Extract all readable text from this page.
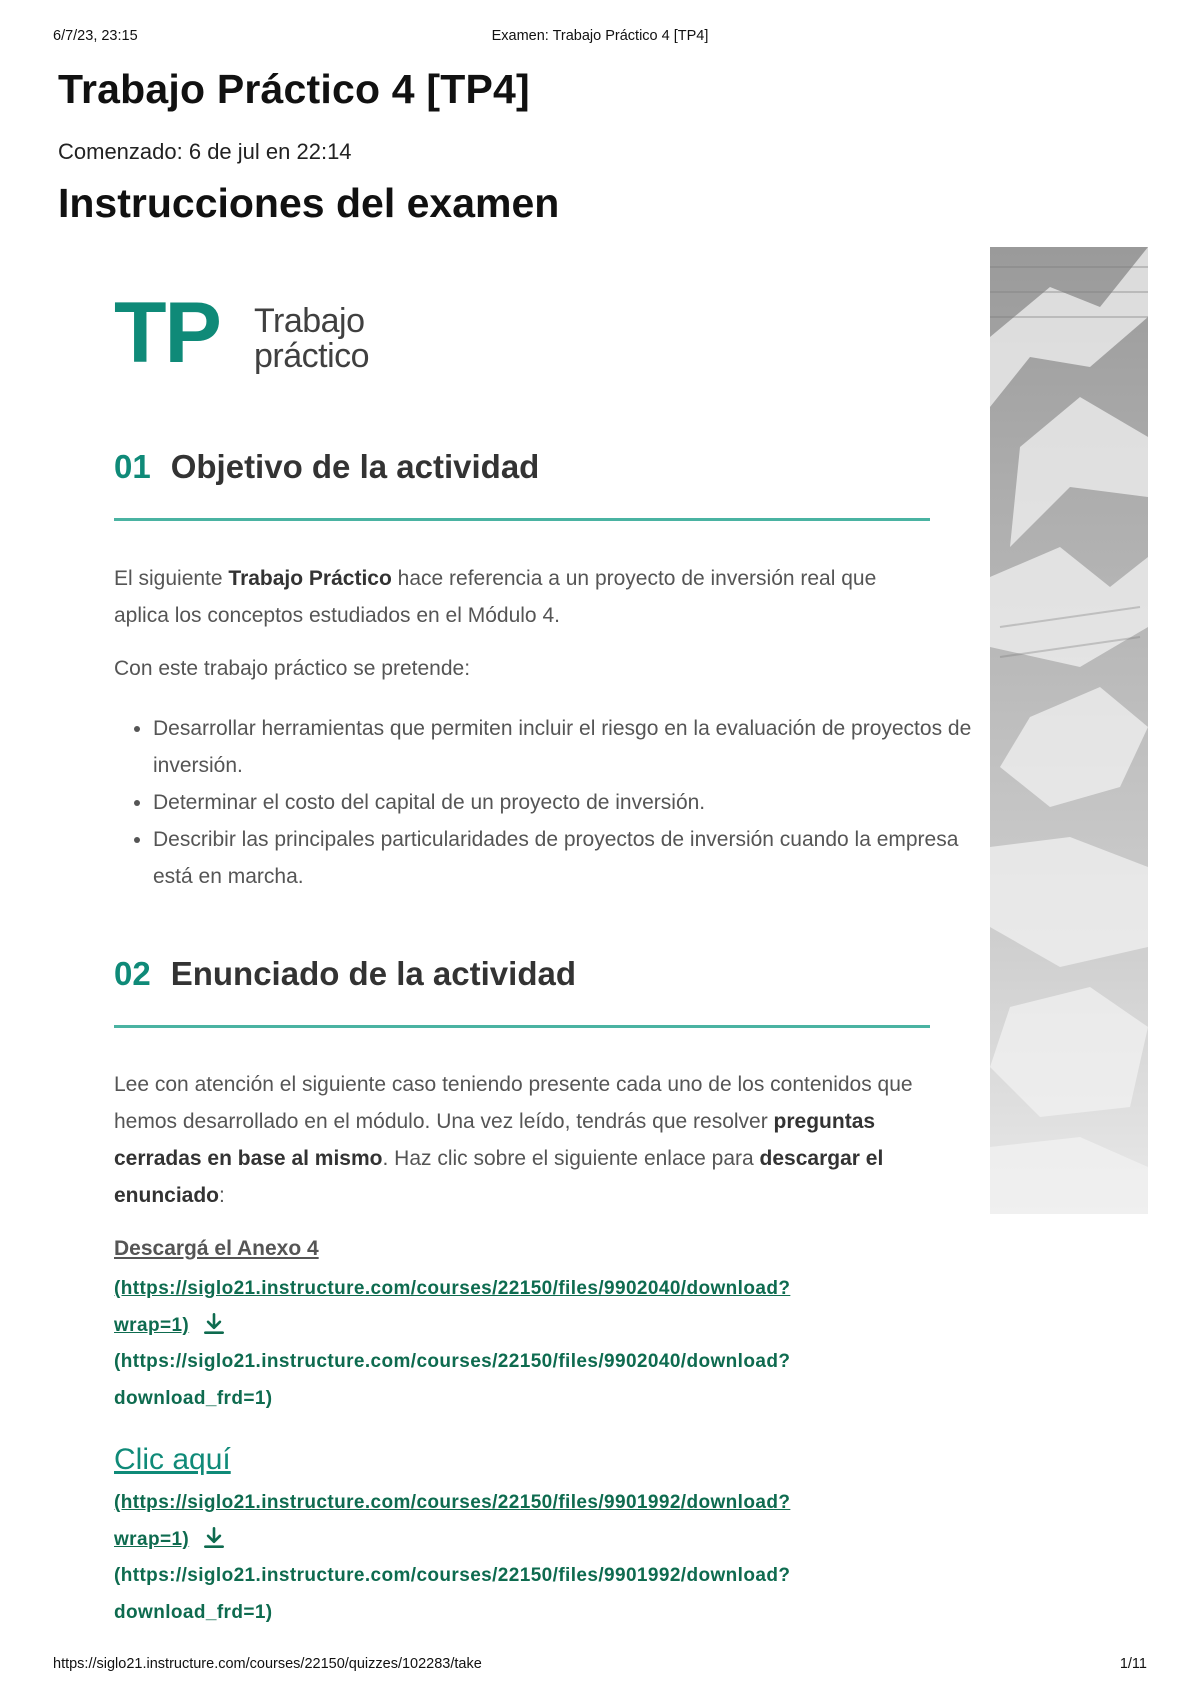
6/7/23, 23:15	Examen: Trabajo Práctico 4 [TP4]
Trabajo Práctico 4 [TP4]
Comenzado: 6 de jul en 22:14
Instrucciones del examen
TP Trabajo
práctico
01 Objetivo de la actividad

El siguiente Trabajo Práctico hace referencia a un proyecto de inversión real que aplica los conceptos estudiados en el Módulo 4.

Con este trabajo práctico se pretende:

• Desarrollar herramientas que permiten incluir el riesgo en la evaluación de proyectos de inversión.
• Determinar el costo del capital de un proyecto de inversión.
• Describir las principales particularidades de proyectos de inversión cuando la empresa está en marcha.
02 Enunciado de la actividad

Lee con atención el siguiente caso teniendo presente cada uno de los contenidos que hemos desarrollado en el módulo. Una vez leído, tendrás que resolver preguntas cerradas en base al mismo. Haz clic sobre el siguiente enlace para descargar el enunciado:

Descargá el Anexo 4
(https://siglo21.instructure.com/courses/22150/files/9902040/download?
wrap=1)
(https://siglo21.instructure.com/courses/22150/files/9902040/download?
download_frd=1)
Clic aquí
(https://siglo21.instructure.com/courses/22150/files/9901992/download?
wrap=1)
(https://siglo21.instructure.com/courses/22150/files/9901992/download?
download_frd=1)
https://siglo21.instructure.com/courses/22150/quizzes/102283/take	1/11
